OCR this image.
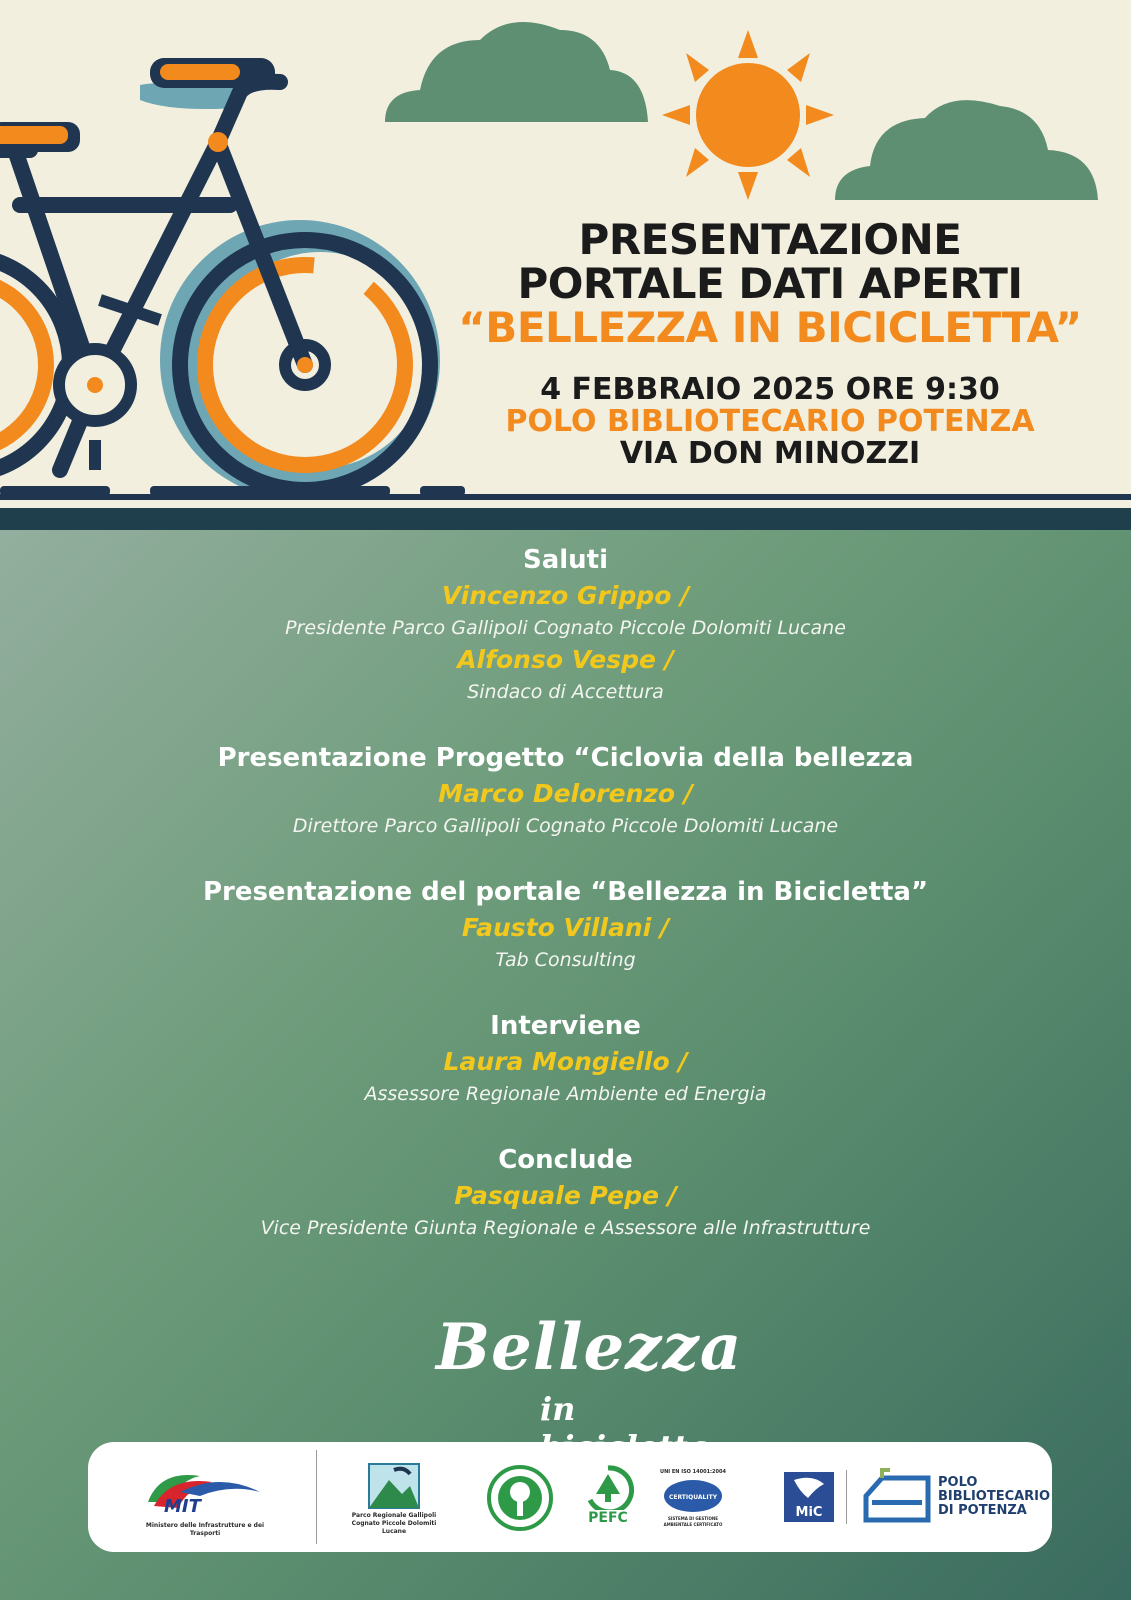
PRESENTAZIONE
PORTALE DATI APERTI
“BELLEZZA IN BICICLETTA”
4 FEBBRAIO 2025 ORE 9:30
POLO BIBLIOTECARIO POTENZA
VIA DON MINOZZI
Saluti
Vincenzo Grippo /
Presidente Parco Gallipoli Cognato Piccole Dolomiti Lucane
Alfonso Vespe /
Sindaco di Accettura
Presentazione Progetto “Ciclovia della bellezza
Marco Delorenzo /
Direttore Parco Gallipoli Cognato Piccole Dolomiti Lucane
Presentazione del portale “Bellezza in Bicicletta”
Fausto Villani /
Tab Consulting
Interviene
Laura Mongiello /
Assessore Regionale Ambiente ed Energia
Conclude
Pasquale Pepe /
Vice Presidente Giunta Regionale e Assessore alle Infrastrutture
Bellezza
in
MIT
Ministero delle Infrastrutture e dei Trasporti
Parco Regionale Gallipoli Cognato Piccole Dolomiti Lucane
PEFC
UNI EN ISO 14001:2004
CERTIQUALITY
SISTEMA DI GESTIONE AMBIENTALE CERTIFICATO
MiC
POLO
BIBLIOTECARIO
DI POTENZA
